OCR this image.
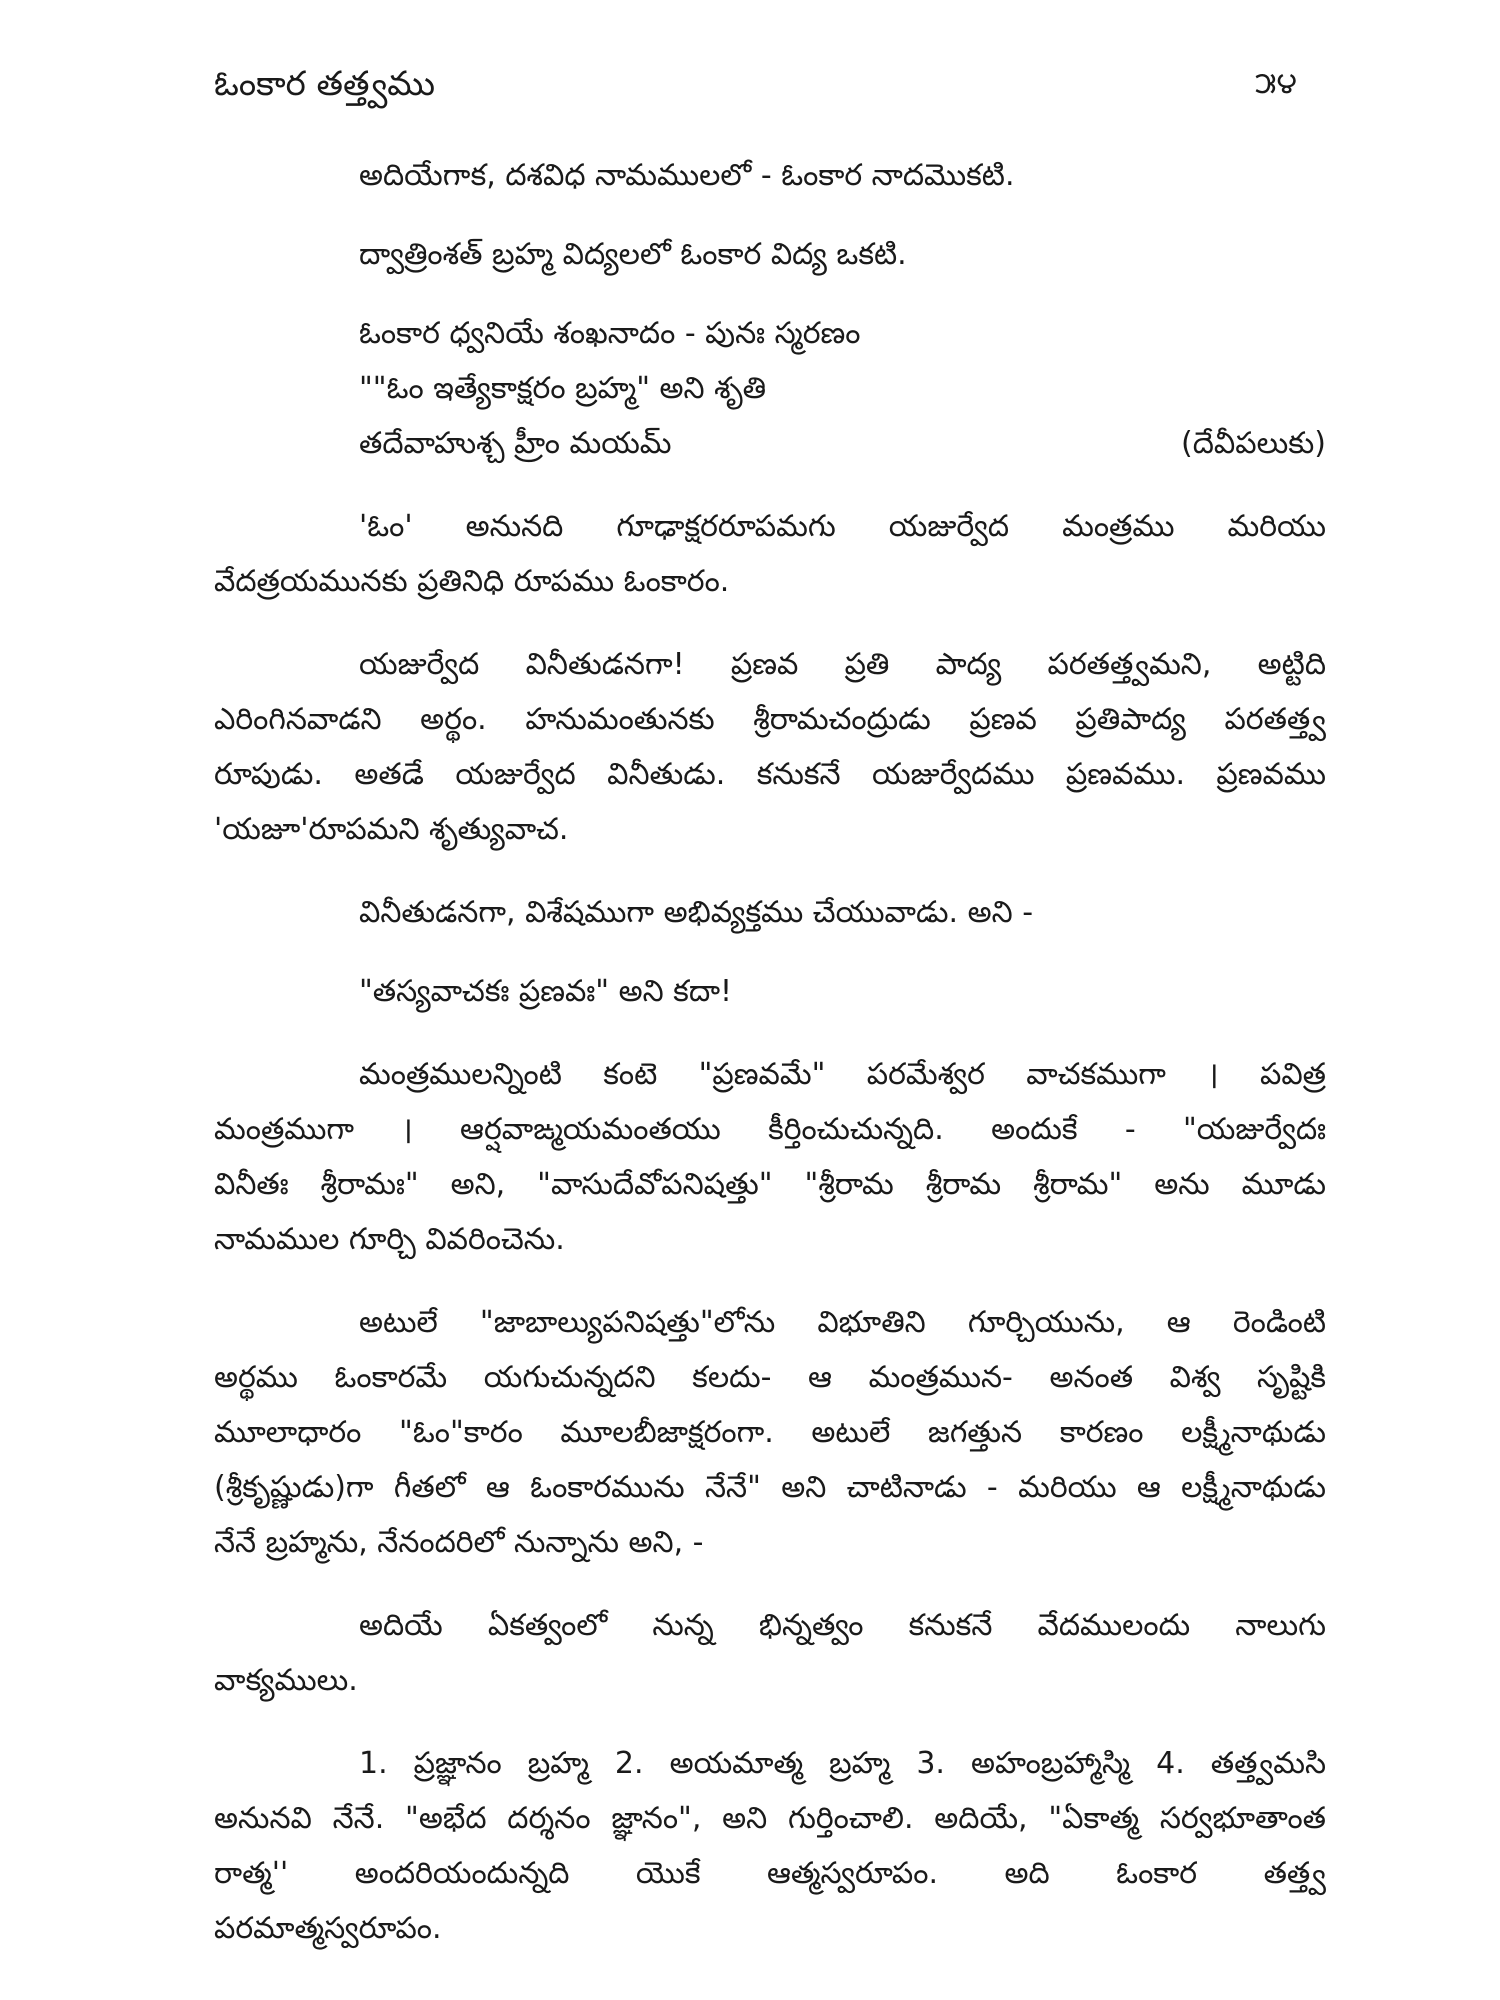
ఓంకార తత్త్వము	౫౪
అదియేగాక, దశవిధ నామములలో - ఓంకార నాదమొకటి.
ద్వాత్రింశత్ బ్రహ్మ విద్యలలో ఓంకార విద్య ఒకటి.
ఓంకార ధ్వనియే శంఖనాదం - పునః స్మరణం
""ఓం ఇత్యేకాక్షరం బ్రహ్మ" అని శృతి
తదేవాహుశ్చ హ్రీం మయమ్	(దేవీపలుకు)
'ఓం' అనునది గూఢాక్షరరూపమగు యజుర్వేద మంత్రము మరియు
వేదత్రయమునకు ప్రతినిధి రూపము ఓంకారం.
యజుర్వేద వినీతుడనగా! ప్రణవ ప్రతి పాద్య పరతత్త్వమని, అట్టిది
ఎరింగినవాడని అర్థం. హనుమంతునకు శ్రీరామచంద్రుడు ప్రణవ ప్రతిపాద్య పరతత్త్వ
రూపుడు. అతడే యజుర్వేద వినీతుడు. కనుకనే యజుర్వేదము ప్రణవము. ప్రణవము
'యజూ'రూపమని శృత్యువాచ.
వినీతుడనగా, విశేషముగా అభివ్యక్తము చేయువాడు. అని -
"తస్యవాచకః ప్రణవః" అని కదా!
మంత్రములన్నింటి కంటె "ప్రణవమే" పరమేశ్వర వాచకముగా । పవిత్ర
మంత్రముగా । ఆర్షవాఙ్మయమంతయు కీర్తించుచున్నది. అందుకే - "యజుర్వేదః
వినీతః శ్రీరామః" అని, "వాసుదేవోపనిషత్తు" "శ్రీరామ శ్రీరామ శ్రీరామ" అను మూడు
నామముల గూర్చి వివరించెను.
అటులే "జాబాల్యుపనిషత్తు"లోను విభూతిని గూర్చియును, ఆ రెండింటి
అర్థము ఓంకారమే యగుచున్నదని కలదు- ఆ మంత్రమున- అనంత విశ్వ సృష్టికి
మూలాధారం "ఓం"కారం మూలబీజాక్షరంగా. అటులే జగత్తున కారణం లక్ష్మీనాథుడు
(శ్రీకృష్ణుడు)గా గీతలో ఆ ఓంకారమును నేనే" అని చాటినాడు - మరియు ఆ లక్ష్మీనాథుడు
నేనే బ్రహ్మను, నేనందరిలో నున్నాను అని, -
అదియే ఏకత్వంలో నున్న భిన్నత్వం కనుకనే వేదములందు నాలుగు
వాక్యములు.
1. ప్రజ్ఞానం బ్రహ్మ 2. అయమాత్మ బ్రహ్మ 3. అహంబ్రహ్మాస్మి 4. తత్త్వమసి
అనునవి నేనే. "అభేద దర్శనం జ్ఞానం", అని గుర్తించాలి. అదియే, "ఏకాత్మ సర్వభూతాంత
రాత్మ'' అందరియందున్నది యొకే ఆత్మస్వరూపం. అది ఓంకార తత్త్వ
పరమాత్మస్వరూపం.
